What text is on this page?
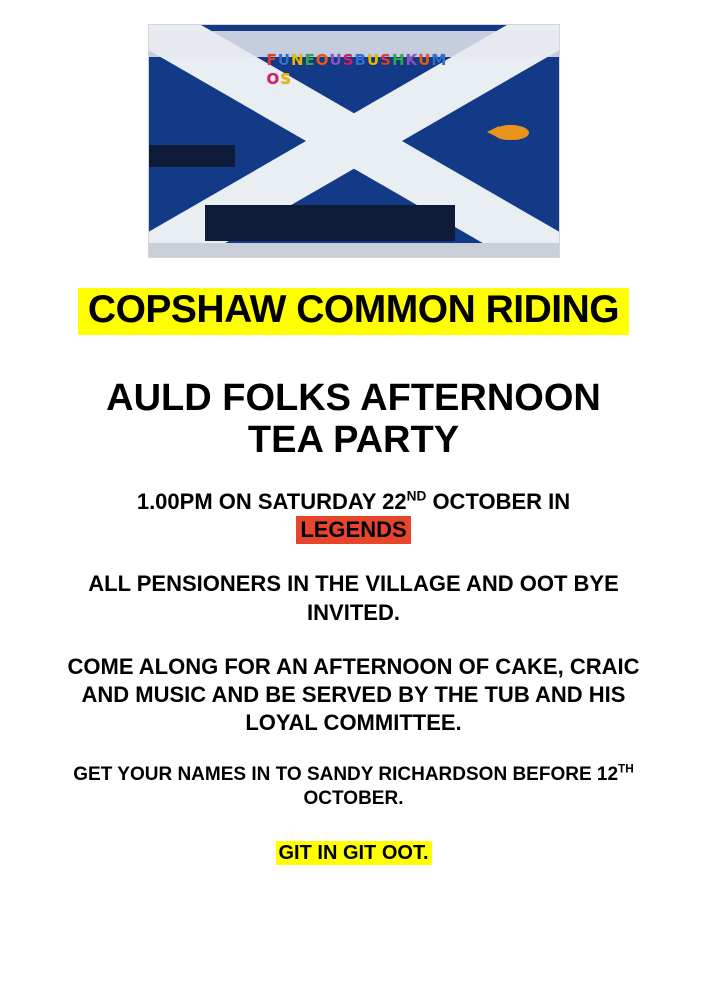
F U N E O U S B U S H K U M
O S
COPSHAW COMMON RIDING
AULD FOLKS AFTERNOON
TEA PARTY
1.00PM ON SATURDAY 22ND OCTOBER IN
LEGENDS
ALL PENSIONERS IN THE VILLAGE AND OOT BYE INVITED.
COME ALONG FOR AN AFTERNOON OF CAKE, CRAIC AND MUSIC AND BE SERVED BY THE TUB AND HIS LOYAL COMMITTEE.
GET YOUR NAMES IN TO SANDY RICHARDSON BEFORE 12TH OCTOBER.
GIT IN GIT OOT.
